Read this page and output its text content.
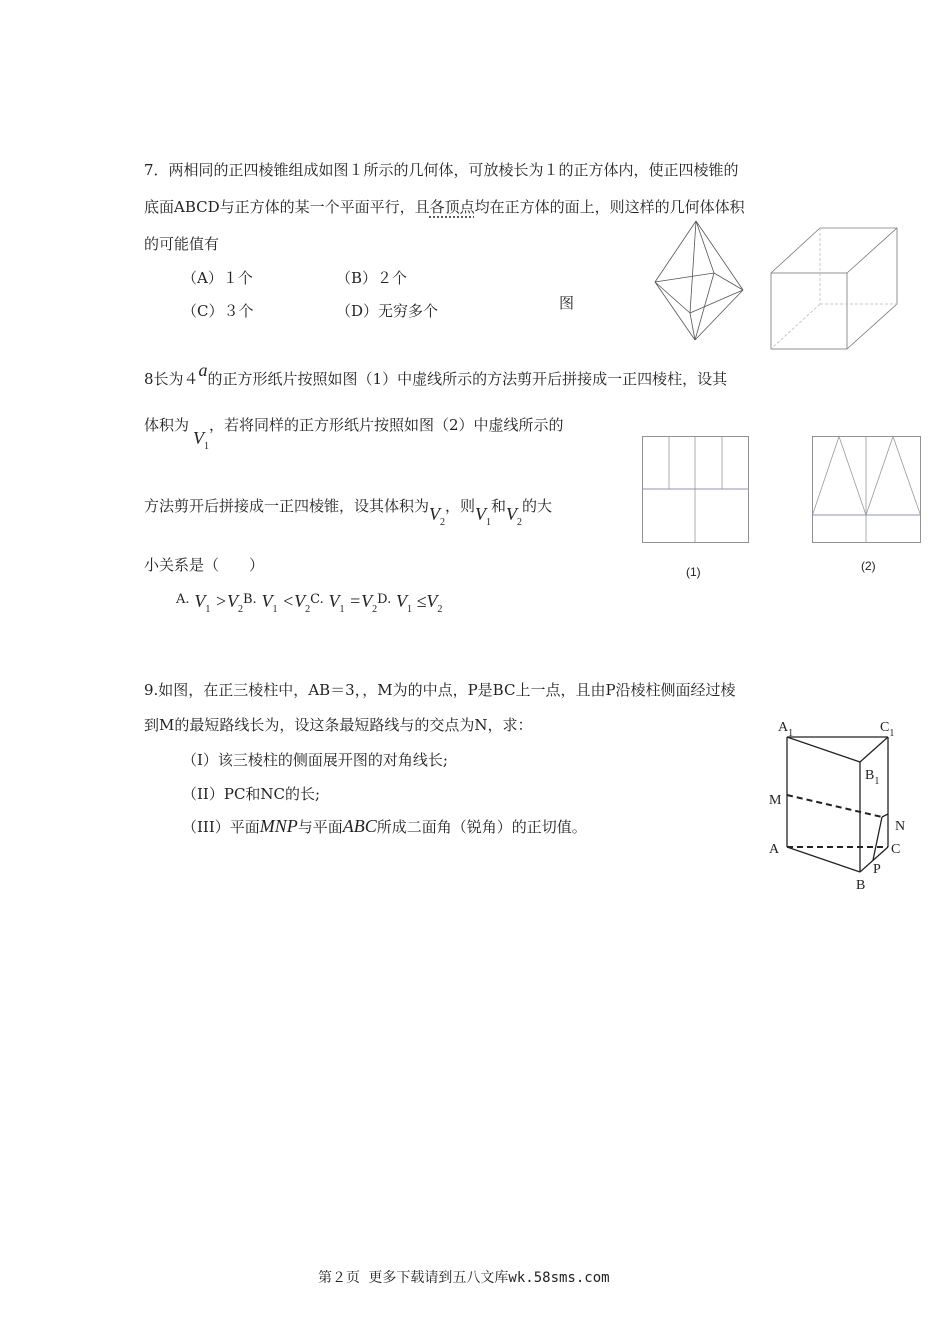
7．两相同的正四棱锥组成如图１所示的几何体，可放棱长为１的正方体内，使正四棱锥的
底面ABCD与正方体的某一个平面平行，且各顶点均在正方体的面上，则这样的几何体体积
的可能值有
（A）１个	（B）２个
（C）３个	（D）无穷多个	图
8长为４a的正方形纸片按照如图（1）中虚线所示的方法剪开后拼接成一正四棱柱，设其
体积为$V_1$，若将同样的正方形纸片按照如图（2）中虚线所示的
方法剪开后拼接成一正四棱锥，设其体积为$V_2$，则$V_1$和$V_2$的大
小关系是（　　）
A. $V_1 >V_2B$. $V_1 <V_2C$. $V_1 =V_2D$. $V_1 \le V_2$
(1)	(2)
9.如图，在正三棱柱中，AB＝3，，M为的中点，P是BC上一点，且由P沿棱柱侧面经过棱
到M的最短路线长为，设这条最短路线与的交点为N，求：
（I）该三棱柱的侧面展开图的对角线长;
（II）PC和NC的长;
（III）平面MNP与平面ABC所成二面角（锐角）的正切值。
$A_1$	$C_1$
$B_1$
M
N
A	C
P
B
第２页 更多下载请到五八文库wk.58sms.com
